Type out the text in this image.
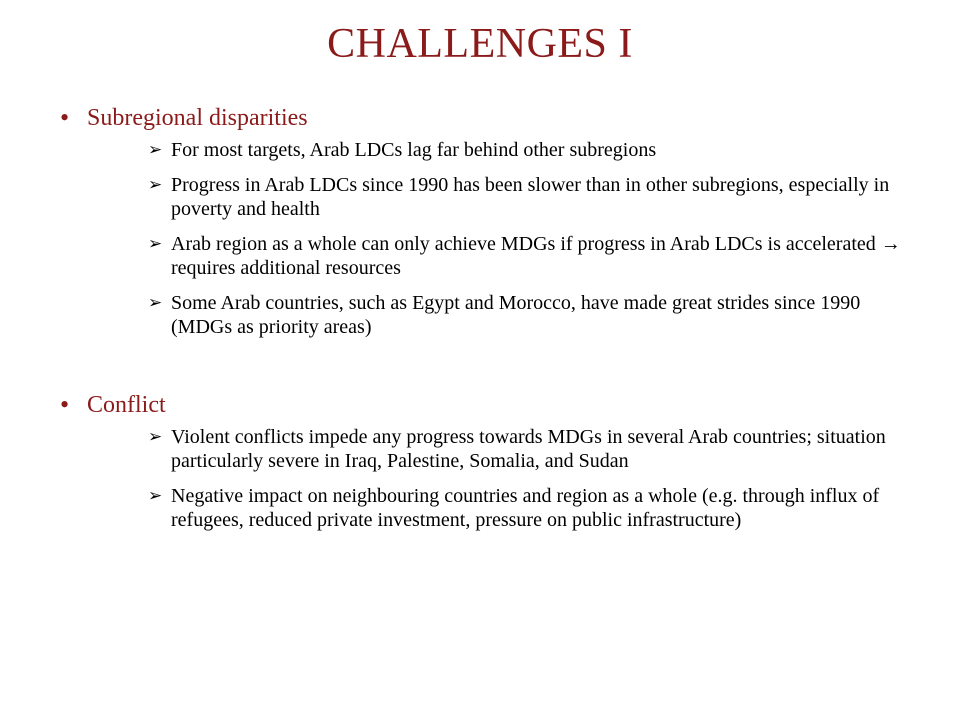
CHALLENGES I
• Subregional disparities
➢ For most targets, Arab LDCs lag far behind other subregions
➢ Progress in Arab LDCs since 1990 has been slower than in other subregions, especially in poverty and health
➢ Arab region as a whole can only achieve MDGs if progress in Arab LDCs is accelerated → requires additional resources
➢ Some Arab countries, such as Egypt and Morocco, have made great strides since 1990 (MDGs as priority areas)
• Conflict
➢ Violent conflicts impede any progress towards MDGs in several Arab countries; situation particularly severe in Iraq, Palestine, Somalia, and Sudan
➢ Negative impact on neighbouring countries and region as a whole (e.g. through influx of refugees, reduced private investment, pressure on public infrastructure)
